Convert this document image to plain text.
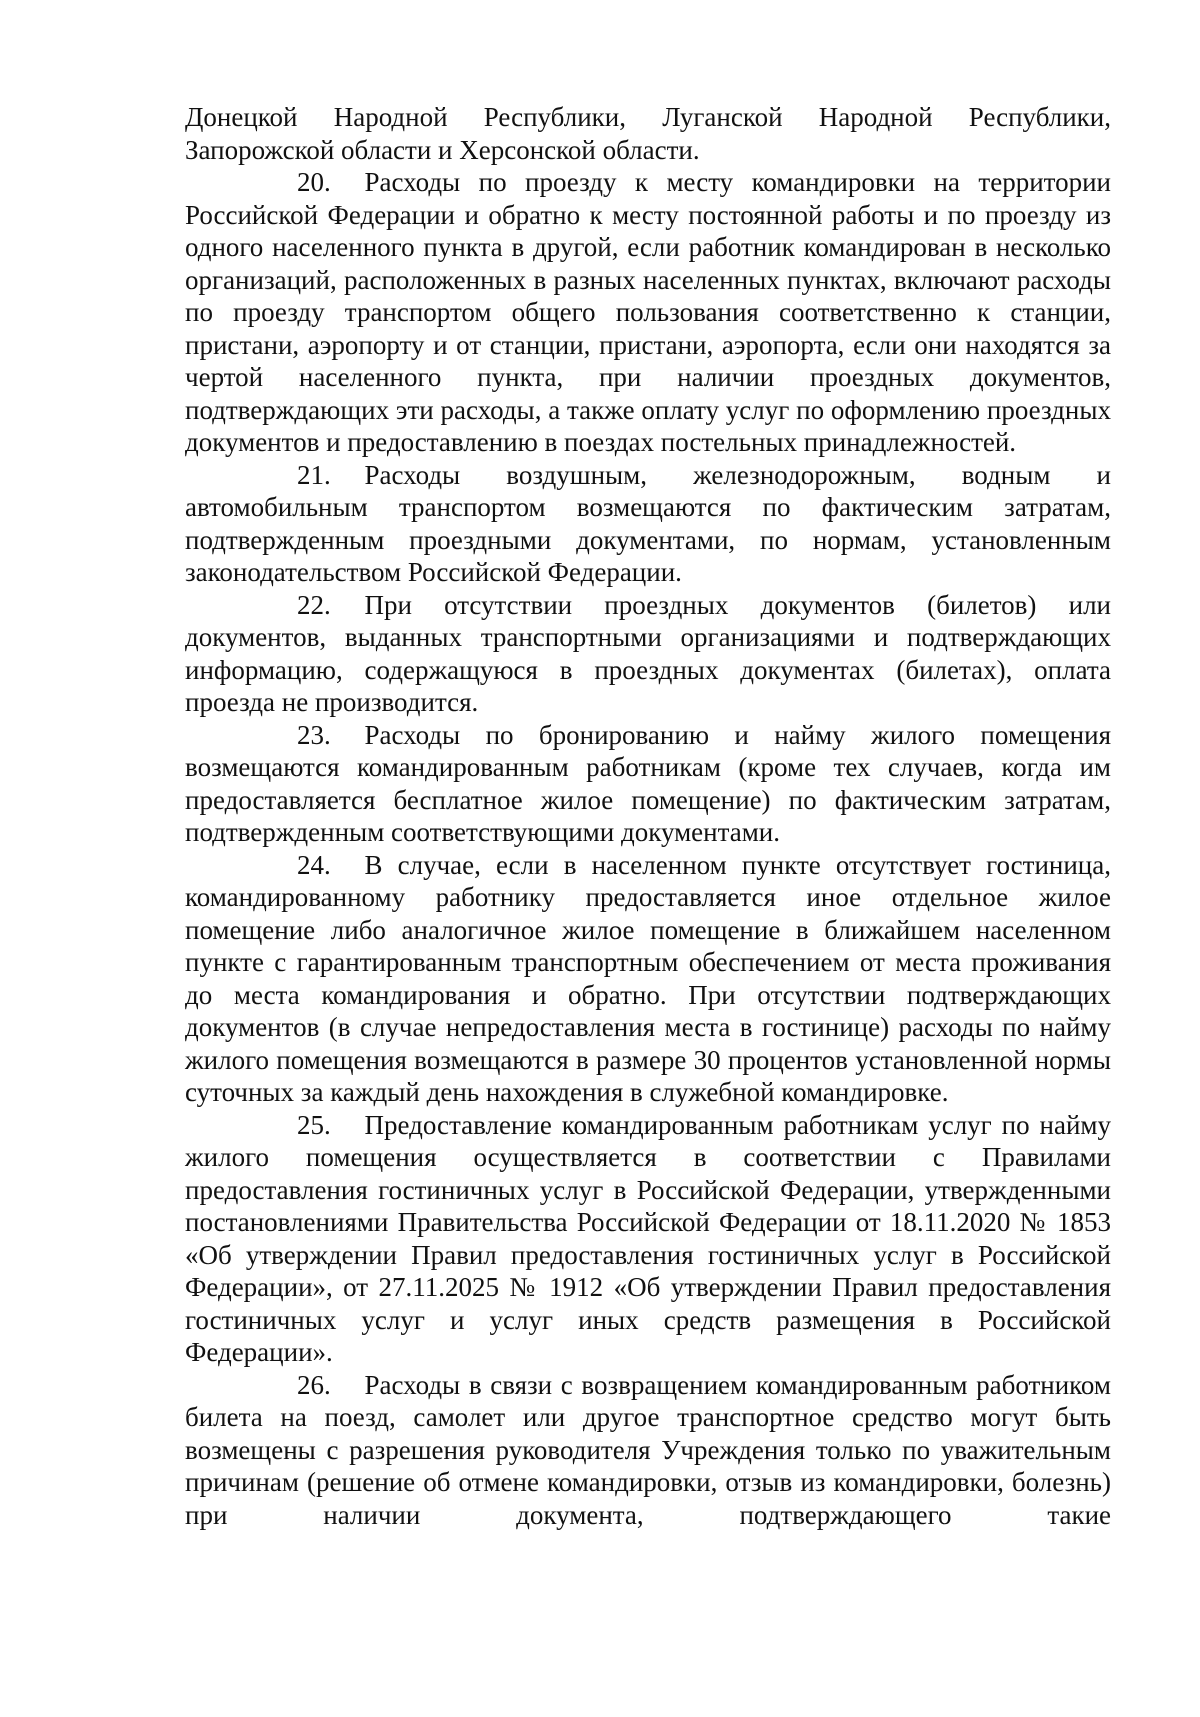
Донецкой Народной Республики, Луганской Народной Республики, Запорожской области и Херсонской области.

20. Расходы по проезду к месту командировки на территории Российской Федерации и обратно к месту постоянной работы и по проезду из одного населенного пункта в другой, если работник командирован в несколько организаций, расположенных в разных населенных пунктах, включают расходы по проезду транспортом общего пользования соответственно к станции, пристани, аэропорту и от станции, пристани, аэропорта, если они находятся за чертой населенного пункта, при наличии проездных документов, подтверждающих эти расходы, а также оплату услуг по оформлению проездных документов и предоставлению в поездах постельных принадлежностей.

21. Расходы воздушным, железнодорожным, водным и автомобильным транспортом возмещаются по фактическим затратам, подтвержденным проездными документами, по нормам, установленным законодательством Российской Федерации.

22. При отсутствии проездных документов (билетов) или документов, выданных транспортными организациями и подтверждающих информацию, содержащуюся в проездных документах (билетах), оплата проезда не производится.

23. Расходы по бронированию и найму жилого помещения возмещаются командированным работникам (кроме тех случаев, когда им предоставляется бесплатное жилое помещение) по фактическим затратам, подтвержденным соответствующими документами.

24. В случае, если в населенном пункте отсутствует гостиница, командированному работнику предоставляется иное отдельное жилое помещение либо аналогичное жилое помещение в ближайшем населенном пункте с гарантированным транспортным обеспечением от места проживания до места командирования и обратно. При отсутствии подтверждающих документов (в случае непредоставления места в гостинице) расходы по найму жилого помещения возмещаются в размере 30 процентов установленной нормы суточных за каждый день нахождения в служебной командировке.

25. Предоставление командированным работникам услуг по найму жилого помещения осуществляется в соответствии с Правилами предоставления гостиничных услуг в Российской Федерации, утвержденными постановлениями Правительства Российской Федерации от 18.11.2020 № 1853 «Об утверждении Правил предоставления гостиничных услуг в Российской Федерации», от 27.11.2025 № 1912 «Об утверждении Правил предоставления гостиничных услуг и услуг иных средств размещения в Российской Федерации».

26. Расходы в связи с возвращением командированным работником билета на поезд, самолет или другое транспортное средство могут быть возмещены с разрешения руководителя Учреждения только по уважительным причинам (решение об отмене командировки, отзыв из командировки, болезнь) при наличии документа, подтверждающего такие
